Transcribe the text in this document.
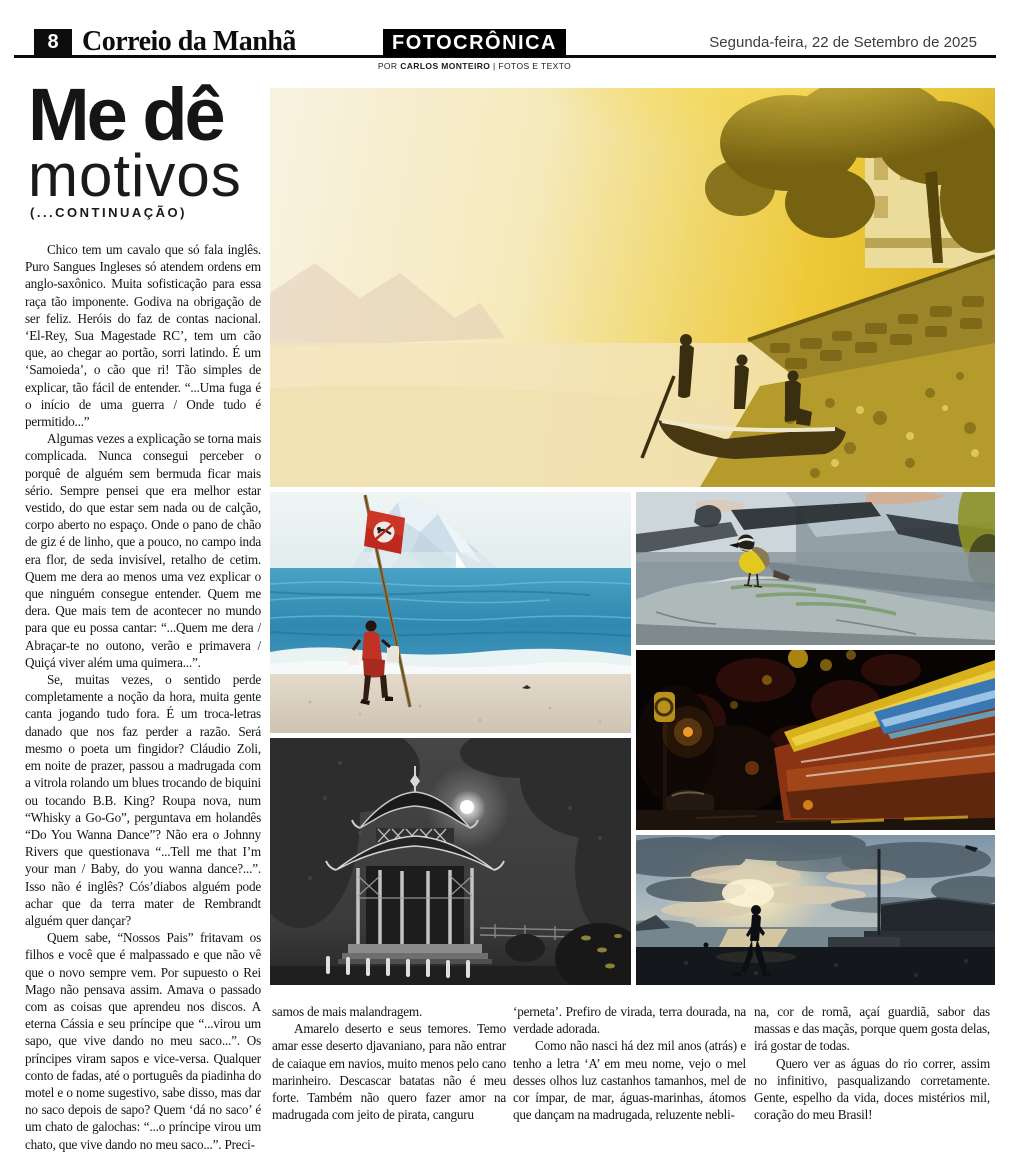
8 Correio da Manhã	FOTOCRÔNICA
POR CARLOS MONTEIRO | FOTOS E TEXTO
Segunda-feira, 22 de Setembro de 2025
Me dê
motivos
(...CONTINUAÇÃO)

Chico tem um cavalo que só fala inglês. Puro Sangues Ingleses só atendem ordens em anglo-saxônico. Muita sofisticação para essa raça tão imponente. Godiva na obrigação de ser feliz. Heróis do faz de contas nacional. ‘El-Rey, Sua Magestade RC’, tem um cão que, ao chegar ao portão, sorri latindo. É um ‘Samoieda’, o cão que ri! Tão simples de explicar, tão fácil de entender. “...Uma fuga é o início de uma guerra / Onde tudo é permitido...”

Algumas vezes a explicação se torna mais complicada. Nunca consegui perceber o porquê de alguém sem bermuda ficar mais sério. Sempre pensei que era melhor estar vestido, do que estar sem nada ou de calção, corpo aberto no espaço. Onde o pano de chão de giz é de linho, que a pouco, no campo inda era flor, de seda invisível, retalho de cetim. Quem me dera ao menos uma vez explicar o que ninguém consegue entender. Quem me dera. Que mais tem de acontecer no mundo para que eu possa cantar: “...Quem me dera / Abraçar-te no outono, verão e primavera / Quiçá viver além uma quimera...”.

Se, muitas vezes, o sentido perde completamente a noção da hora, muita gente canta jogando tudo fora. É um troca-letras danado que nos faz perder a razão. Será mesmo o poeta um fingidor? Cláudio Zoli, em noite de prazer, passou a madrugada com a vitrola rolando um blues trocando de biquini ou tocando B.B. King? Roupa nova, num “Whisky a Go-Go”, perguntava em holandês “Do You Wanna Dance”? Não era o Johnny Rivers que questionava “...Tell me that I’m your man / Baby, do you wanna dance?...”. Isso não é inglês? Cós’diabos alguém pode achar que da terra mater de Rembrandt alguém quer dançar?

Quem sabe, “Nossos Pais” fritavam os filhos e você que é malpassado e que não vê que o novo sempre vem. Por supuesto o Rei Mago não pensava assim. Amava o passado com as coisas que aprendeu nos discos. A eterna Cássia e seu príncipe que “...virou um sapo, que vive dando no meu saco...”. Os príncipes viram sapos e vice-versa. Qualquer conto de fadas, até o português da piadinha do motel e o nome sugestivo, sabe disso, mas dar no saco depois de sapo? Quem ‘dá no saco’ é um chato de galochas: “...o príncipe virou um chato, que vive dando no meu saco...”. Preci-

samos de mais malandragem.

Amarelo deserto e seus temores. Temo amar esse deserto djavaniano, para não entrar de caiaque em navios, muito menos pelo cano marinheiro. Descascar batatas não é meu forte. Também não quero fazer amor na madrugada com jeito de pirata, canguru

‘perneta’. Prefiro de virada, terra dourada, na verdade adorada.

Como não nasci há dez mil anos (atrás) e tenho a letra ‘A’ em meu nome, vejo o mel desses olhos luz castanhos tamanhos, mel de cor ímpar, de mar, águas-marinhas, átomos que dançam na madrugada, reluzente nebli-

na, cor de romã, açaí guardiã, sabor das massas e das maçãs, porque quem gosta delas, irá gostar de todas.

Quero ver as águas do rio correr, assim no infinitivo, pasqualizando corretamente. Gente, espelho da vida, doces mistérios mil, coração do meu Brasil!
